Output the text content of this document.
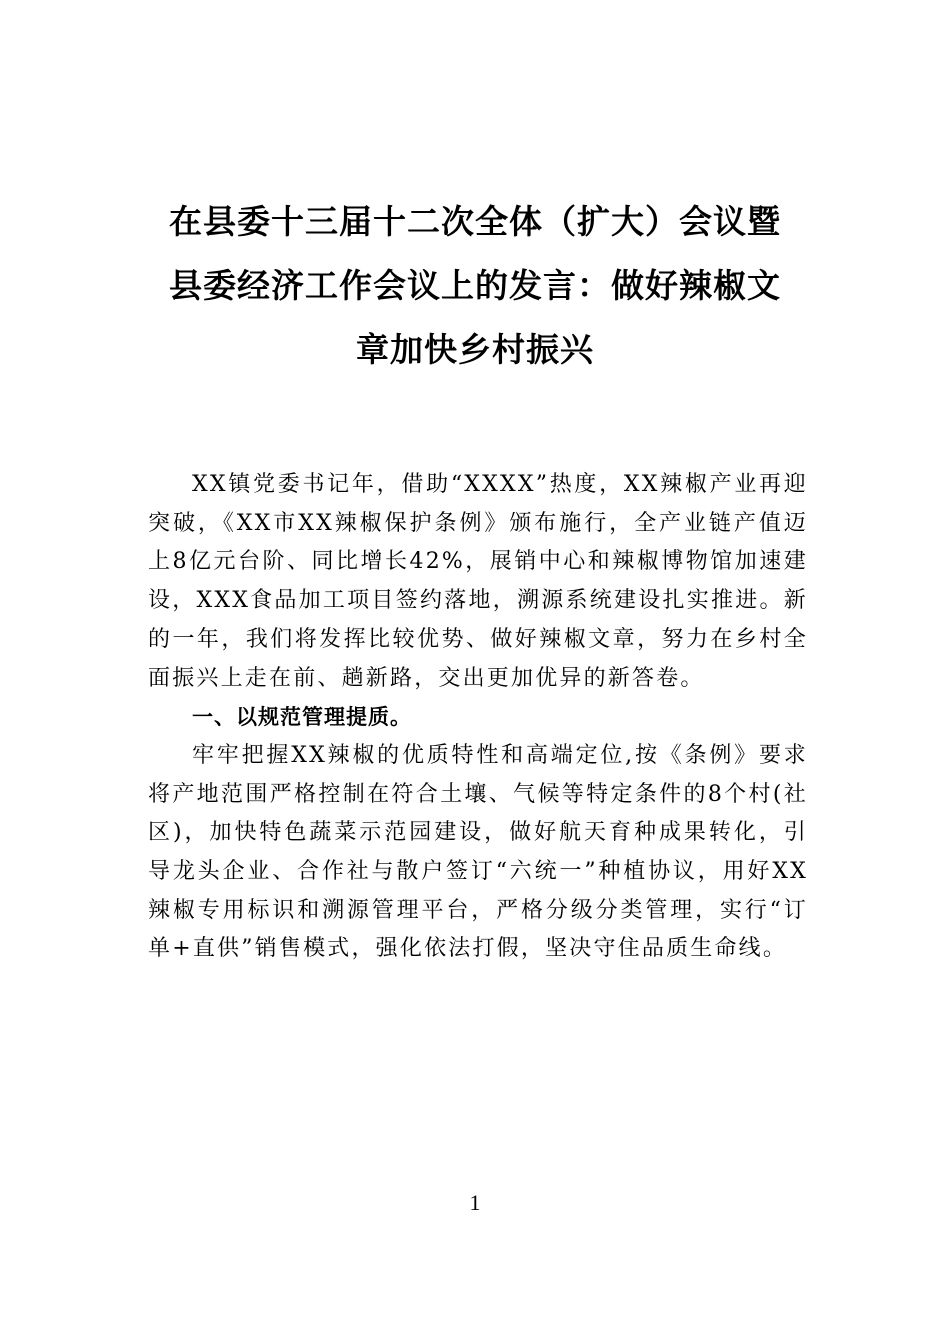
在县委十三届十二次全体（扩大）会议暨
县委经济工作会议上的发言：做好辣椒文
章加快乡村振兴

XX镇党委书记年，借助“XXXX”热度，XX辣椒产业再迎突破，《XX市XX辣椒保护条例》颁布施行，全产业链产值迈上8亿元台阶、同比增长42%，展销中心和辣椒博物馆加速建设，XXX食品加工项目签约落地，溯源系统建设扎实推进。新的一年，我们将发挥比较优势、做好辣椒文章，努力在乡村全面振兴上走在前、趟新路，交出更加优异的新答卷。

一、以规范管理提质。

牢牢把握XX辣椒的优质特性和高端定位,按《条例》要求将产地范围严格控制在符合土壤、气候等特定条件的8个村(社区)，加快特色蔬菜示范园建设，做好航天育种成果转化，引导龙头企业、合作社与散户签订“六统一”种植协议，用好XX辣椒专用标识和溯源管理平台，严格分级分类管理，实行“订单+直供”销售模式，强化依法打假，坚决守住品质生命线。

1
